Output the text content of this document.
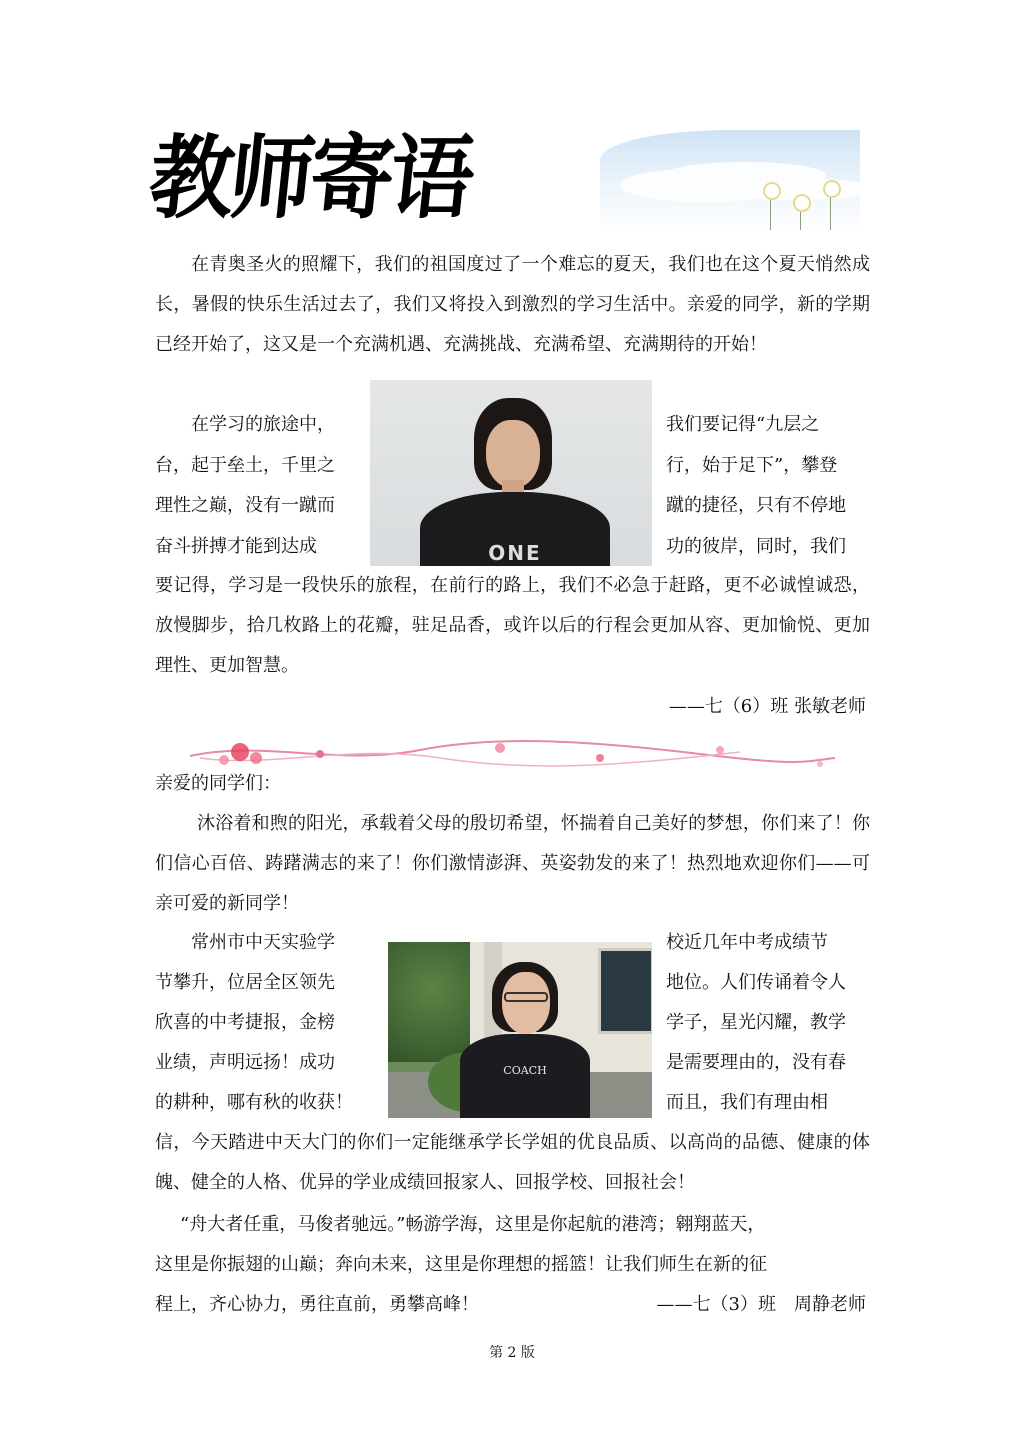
教师寄语

在青奥圣火的照耀下，我们的祖国度过了一个难忘的夏天，我们也在这个夏天悄然成长，暑假的快乐生活过去了，我们又将投入到激烈的学习生活中。亲爱的同学，新的学期已经开始了，这又是一个充满机遇、充满挑战、充满希望、充满期待的开始！

在学习的旅途中，

台，起于垒土，千里之

理性之巅，没有一蹴而

奋斗拼搏才能到达成	ONE

我们要记得“九层之

行，始于足下”，攀登

蹴的捷径，只有不停地

功的彼岸，同时，我们

要记得，学习是一段快乐的旅程，在前行的路上，我们不必急于赶路，更不必诚惶诚恐，放慢脚步，拾几枚路上的花瓣，驻足品香，或许以后的行程会更加从容、更加愉悦、更加理性、更加智慧。

——七（6）班 张敏老师

亲爱的同学们：

沐浴着和煦的阳光，承载着父母的殷切希望，怀揣着自己美好的梦想，你们来了！你们信心百倍、踌躇满志的来了！你们激情澎湃、英姿勃发的来了！热烈地欢迎你们——可亲可爱的新同学！

常州市中天实验学

节攀升，位居全区领先

欣喜的中考捷报，金榜

业绩，声明远扬！成功

的耕种，哪有秋的收获！

COACH

校近几年中考成绩节

地位。人们传诵着令人

学子，星光闪耀，教学

是需要理由的，没有春

而且，我们有理由相

信，今天踏进中天大门的你们一定能继承学长学姐的优良品质、以高尚的品德、健康的体魄、健全的人格、优异的学业成绩回报家人、回报学校、回报社会！

“舟大者任重，马俊者驰远。”畅游学海，这里是你起航的港湾；翱翔蓝天，

这里是你振翅的山巅；奔向未来，这里是你理想的摇篮！让我们师生在新的征

程上，齐心协力，勇往直前，勇攀高峰！	——七（3）班　周静老师

第 2 版
